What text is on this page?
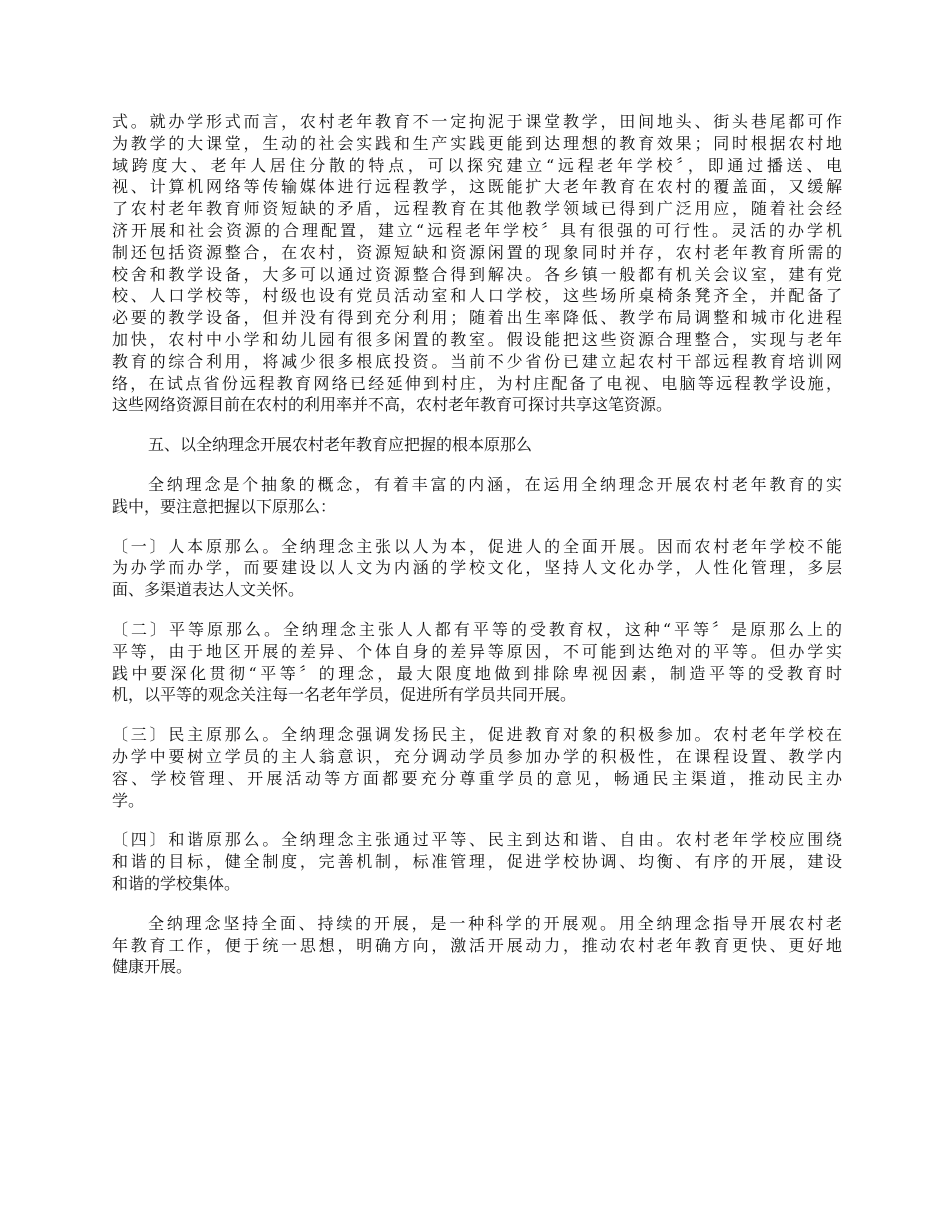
式。就办学形式而言，农村老年教育不一定拘泥于课堂教学，田间地头、街头巷尾都可作
为教学的大课堂，生动的社会实践和生产实践更能到达理想的教育效果；同时根据农村地
域跨度大、老年人居住分散的特点，可以探究建立“远程老年学校〞，即通过播送、电
视、计算机网络等传输媒体进行远程教学，这既能扩大老年教育在农村的覆盖面，又缓解
了农村老年教育师资短缺的矛盾，远程教育在其他教学领域已得到广泛用应，随着社会经
济开展和社会资源的合理配置，建立“远程老年学校〞具有很强的可行性。灵活的办学机
制还包括资源整合，在农村，资源短缺和资源闲置的现象同时并存，农村老年教育所需的
校舍和教学设备，大多可以通过资源整合得到解决。各乡镇一般都有机关会议室，建有党
校、人口学校等，村级也设有党员活动室和人口学校，这些场所桌椅条凳齐全，并配备了
必要的教学设备，但并没有得到充分利用；随着出生率降低、教学布局调整和城市化进程
加快，农村中小学和幼儿园有很多闲置的教室。假设能把这些资源合理整合，实现与老年
教育的综合利用，将减少很多根底投资。当前不少省份已建立起农村干部远程教育培训网
络，在试点省份远程教育网络已经延伸到村庄，为村庄配备了电视、电脑等远程教学设施，
这些网络资源目前在农村的利用率并不高，农村老年教育可探讨共享这笔资源。
五、以全纳理念开展农村老年教育应把握的根本原那么
全纳理念是个抽象的概念，有着丰富的内涵，在运用全纳理念开展农村老年教育的实
践中，要注意把握以下原那么：
〔一〕人本原那么。全纳理念主张以人为本，促进人的全面开展。因而农村老年学校不能
为办学而办学，而要建设以人文为内涵的学校文化，坚持人文化办学，人性化管理，多层
面、多渠道表达人文关怀。
〔二〕平等原那么。全纳理念主张人人都有平等的受教育权，这种“平等〞是原那么上的
平等，由于地区开展的差异、个体自身的差异等原因，不可能到达绝对的平等。但办学实
践中要深化贯彻“平等〞的理念，最大限度地做到排除卑视因素，制造平等的受教育时
机，以平等的观念关注每一名老年学员，促进所有学员共同开展。
〔三〕民主原那么。全纳理念强调发扬民主，促进教育对象的积极参加。农村老年学校在
办学中要树立学员的主人翁意识，充分调动学员参加办学的积极性，在课程设置、教学内
容、学校管理、开展活动等方面都要充分尊重学员的意见，畅通民主渠道，推动民主办
学。
〔四〕和谐原那么。全纳理念主张通过平等、民主到达和谐、自由。农村老年学校应围绕
和谐的目标，健全制度，完善机制，标准管理，促进学校协调、均衡、有序的开展，建设
和谐的学校集体。
全纳理念坚持全面、持续的开展，是一种科学的开展观。用全纳理念指导开展农村老
年教育工作，便于统一思想，明确方向，激活开展动力，推动农村老年教育更快、更好地
健康开展。
